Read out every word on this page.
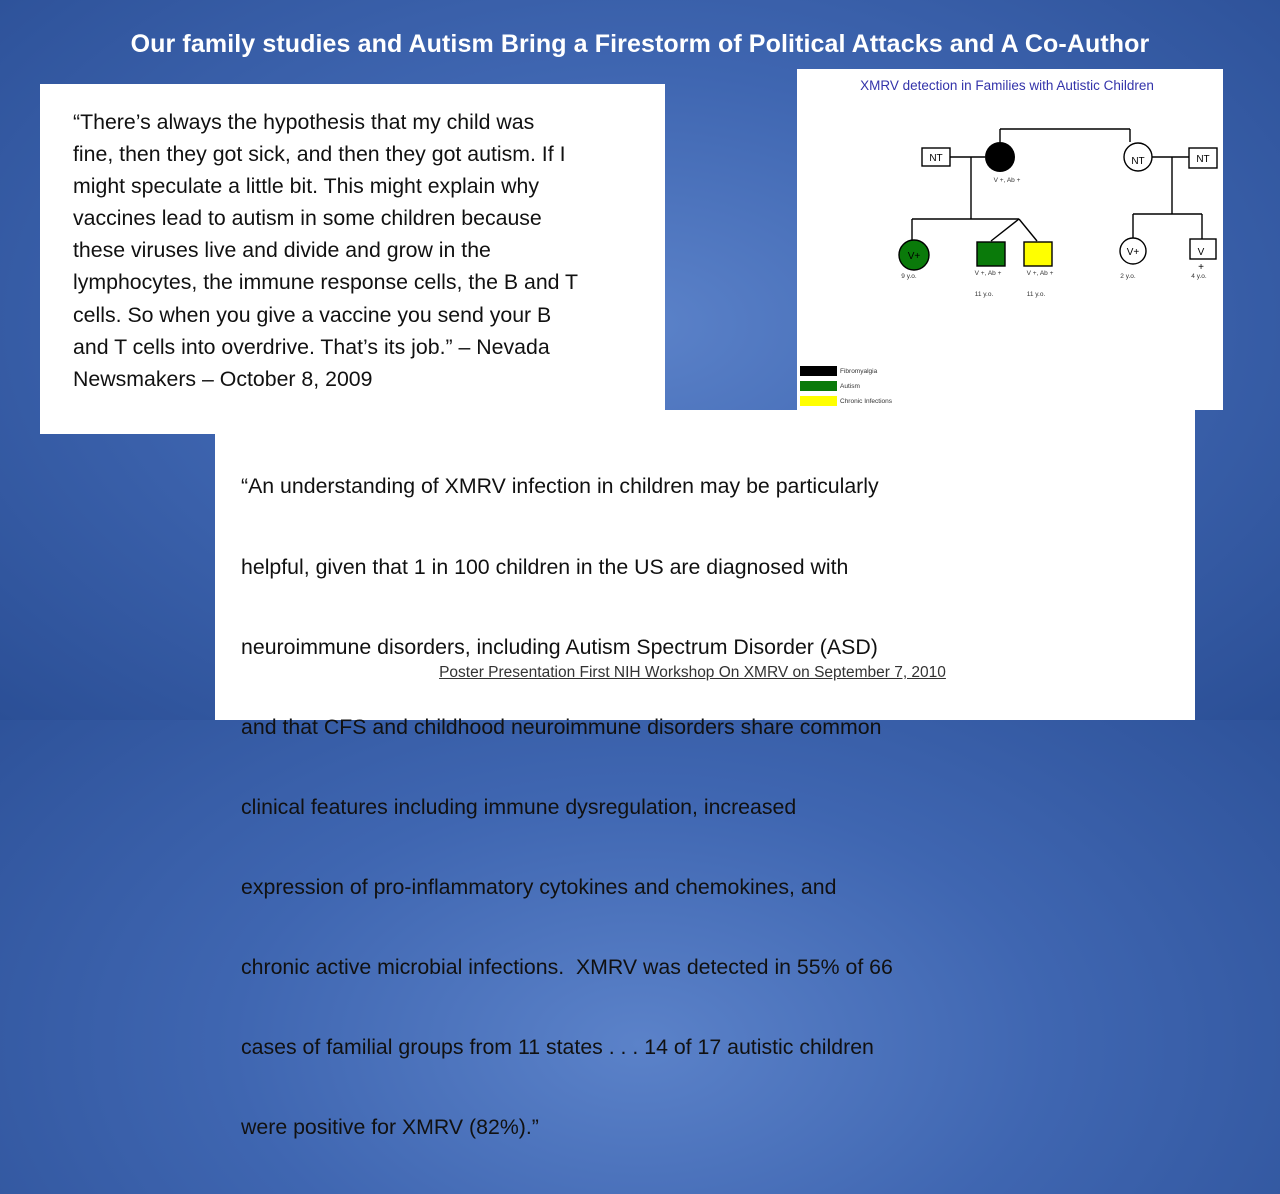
Our family studies and Autism Bring a Firestorm of Political Attacks and A Co-Author
“There’s always the hypothesis that my child was
fine, then they got sick, and then they got autism. If I
might speculate a little bit. This might explain why
vaccines lead to autism in some children because
these viruses live and divide and grow in the
lymphocytes, the immune response cells, the B and T
cells. So when you give a vaccine you send your B
and T cells into overdrive. That’s its job.” – Nevada
Newsmakers – October 8, 2009

“An understanding of XMRV infection in children may be particularly

helpful, given that 1 in 100 children in the US are diagnosed with

neuroimmune disorders, including Autism Spectrum Disorder (ASD)

and that CFS and childhood neuroimmune disorders share common

clinical features including immune dysregulation, increased

expression of pro-inflammatory cytokines and chemokines, and

chronic active microbial infections.  XMRV was detected in 55% of 66

cases of familial groups from 11 states . . . 14 of 17 autistic children

were positive for XMRV (82%).”

Poster Presentation First NIH Workshop On XMRV on September 7, 2010
XMRV detection in Families with Autistic Children
NT
V +, Ab +
NT	NT
V+
9 y.o.	V +, Ab +
11 y.o.
V +, Ab +
11 y.o.
V+
2 y.o.
V
+
4 y.o.
Fibromyalgia
Autism
Chronic Infections
